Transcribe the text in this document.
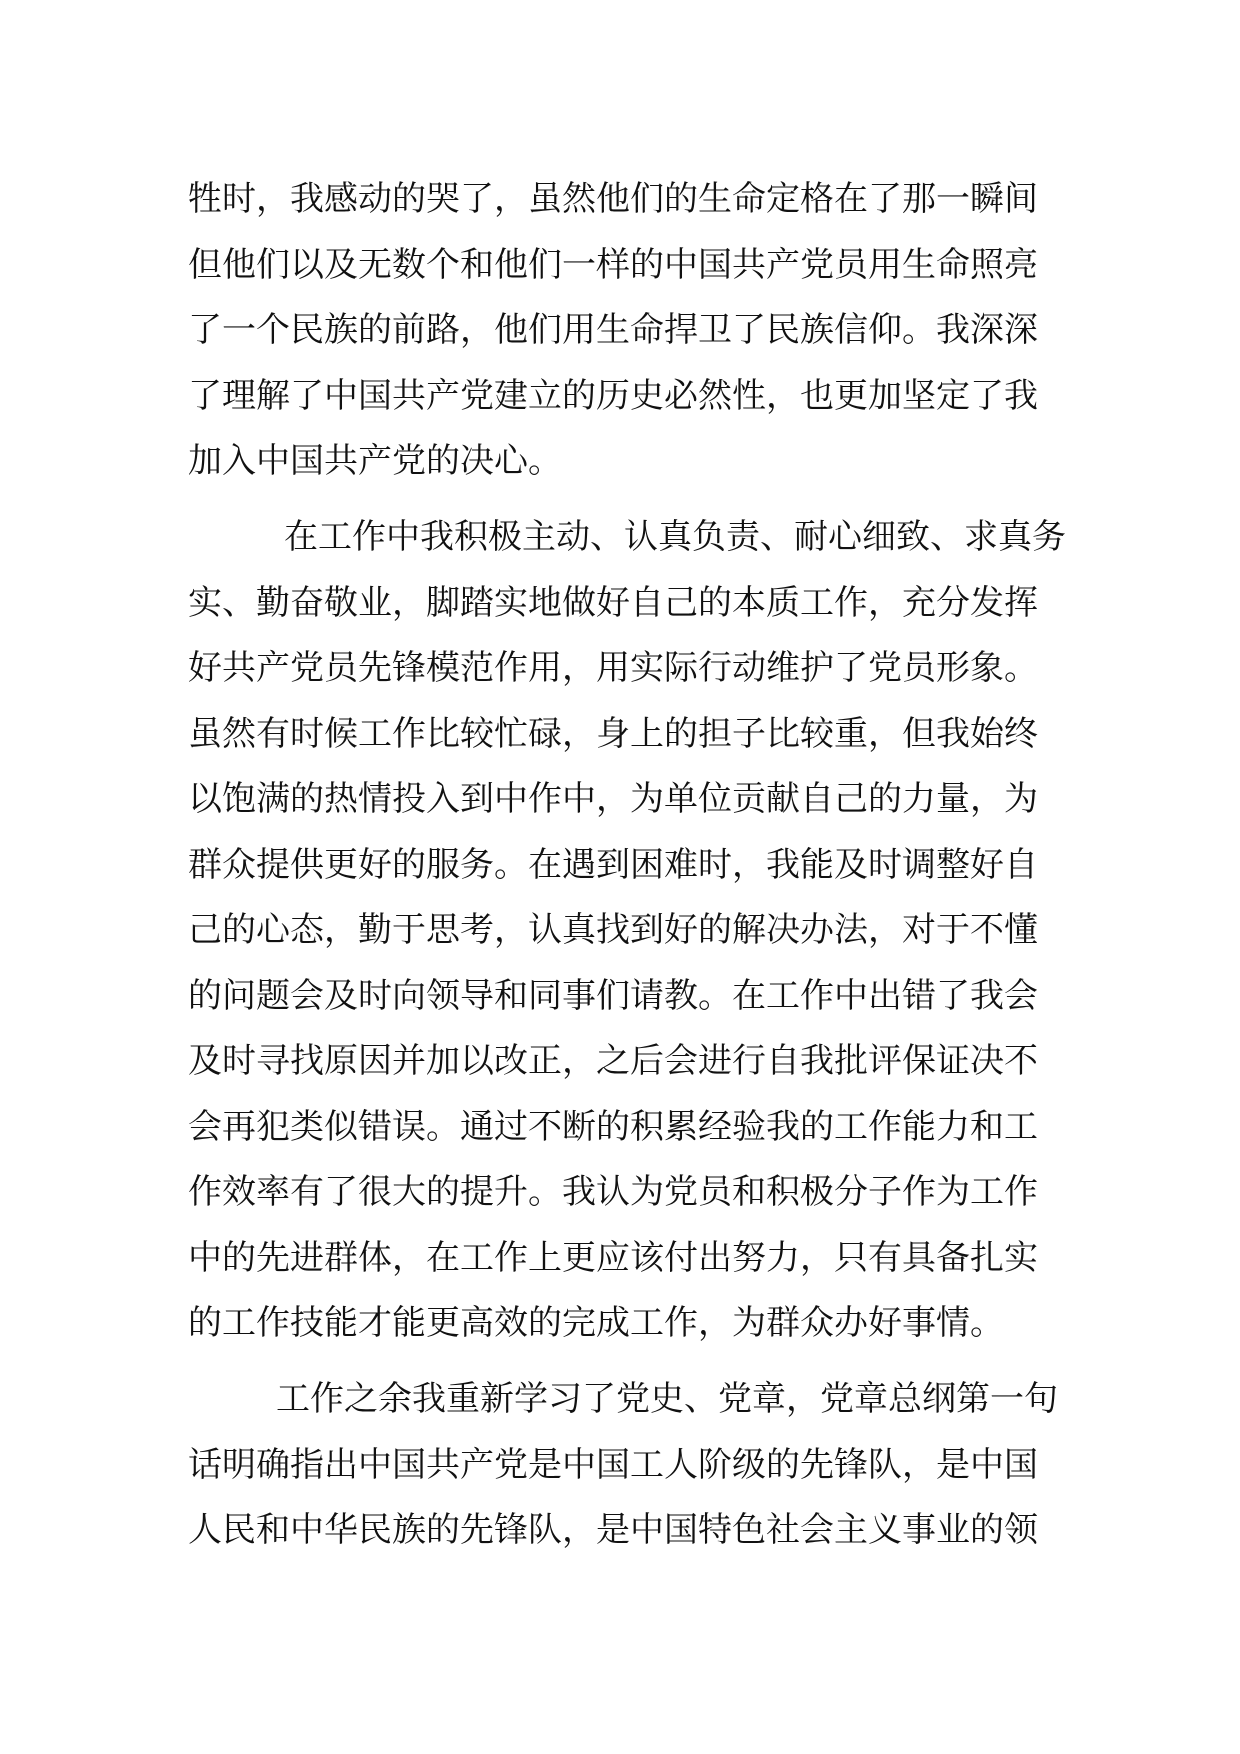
牲时，我感动的哭了，虽然他们的生命定格在了那一瞬间
但他们以及无数个和他们一样的中国共产党员用生命照亮
了一个民族的前路，他们用生命捍卫了民族信仰。我深深
了理解了中国共产党建立的历史必然性，也更加坚定了我
加入中国共产党的决心。
在工作中我积极主动、认真负责、耐心细致、求真务
实、勤奋敬业，脚踏实地做好自己的本质工作，充分发挥
好共产党员先锋模范作用，用实际行动维护了党员形象。
虽然有时候工作比较忙碌，身上的担子比较重，但我始终
以饱满的热情投入到中作中，为单位贡献自己的力量，为
群众提供更好的服务。在遇到困难时，我能及时调整好自
己的心态，勤于思考，认真找到好的解决办法，对于不懂
的问题会及时向领导和同事们请教。在工作中出错了我会
及时寻找原因并加以改正，之后会进行自我批评保证决不
会再犯类似错误。通过不断的积累经验我的工作能力和工
作效率有了很大的提升。我认为党员和积极分子作为工作
中的先进群体，在工作上更应该付出努力，只有具备扎实
的工作技能才能更高效的完成工作，为群众办好事情。
工作之余我重新学习了党史、党章，党章总纲第一句
话明确指出中国共产党是中国工人阶级的先锋队，是中国
人民和中华民族的先锋队，是中国特色社会主义事业的领
